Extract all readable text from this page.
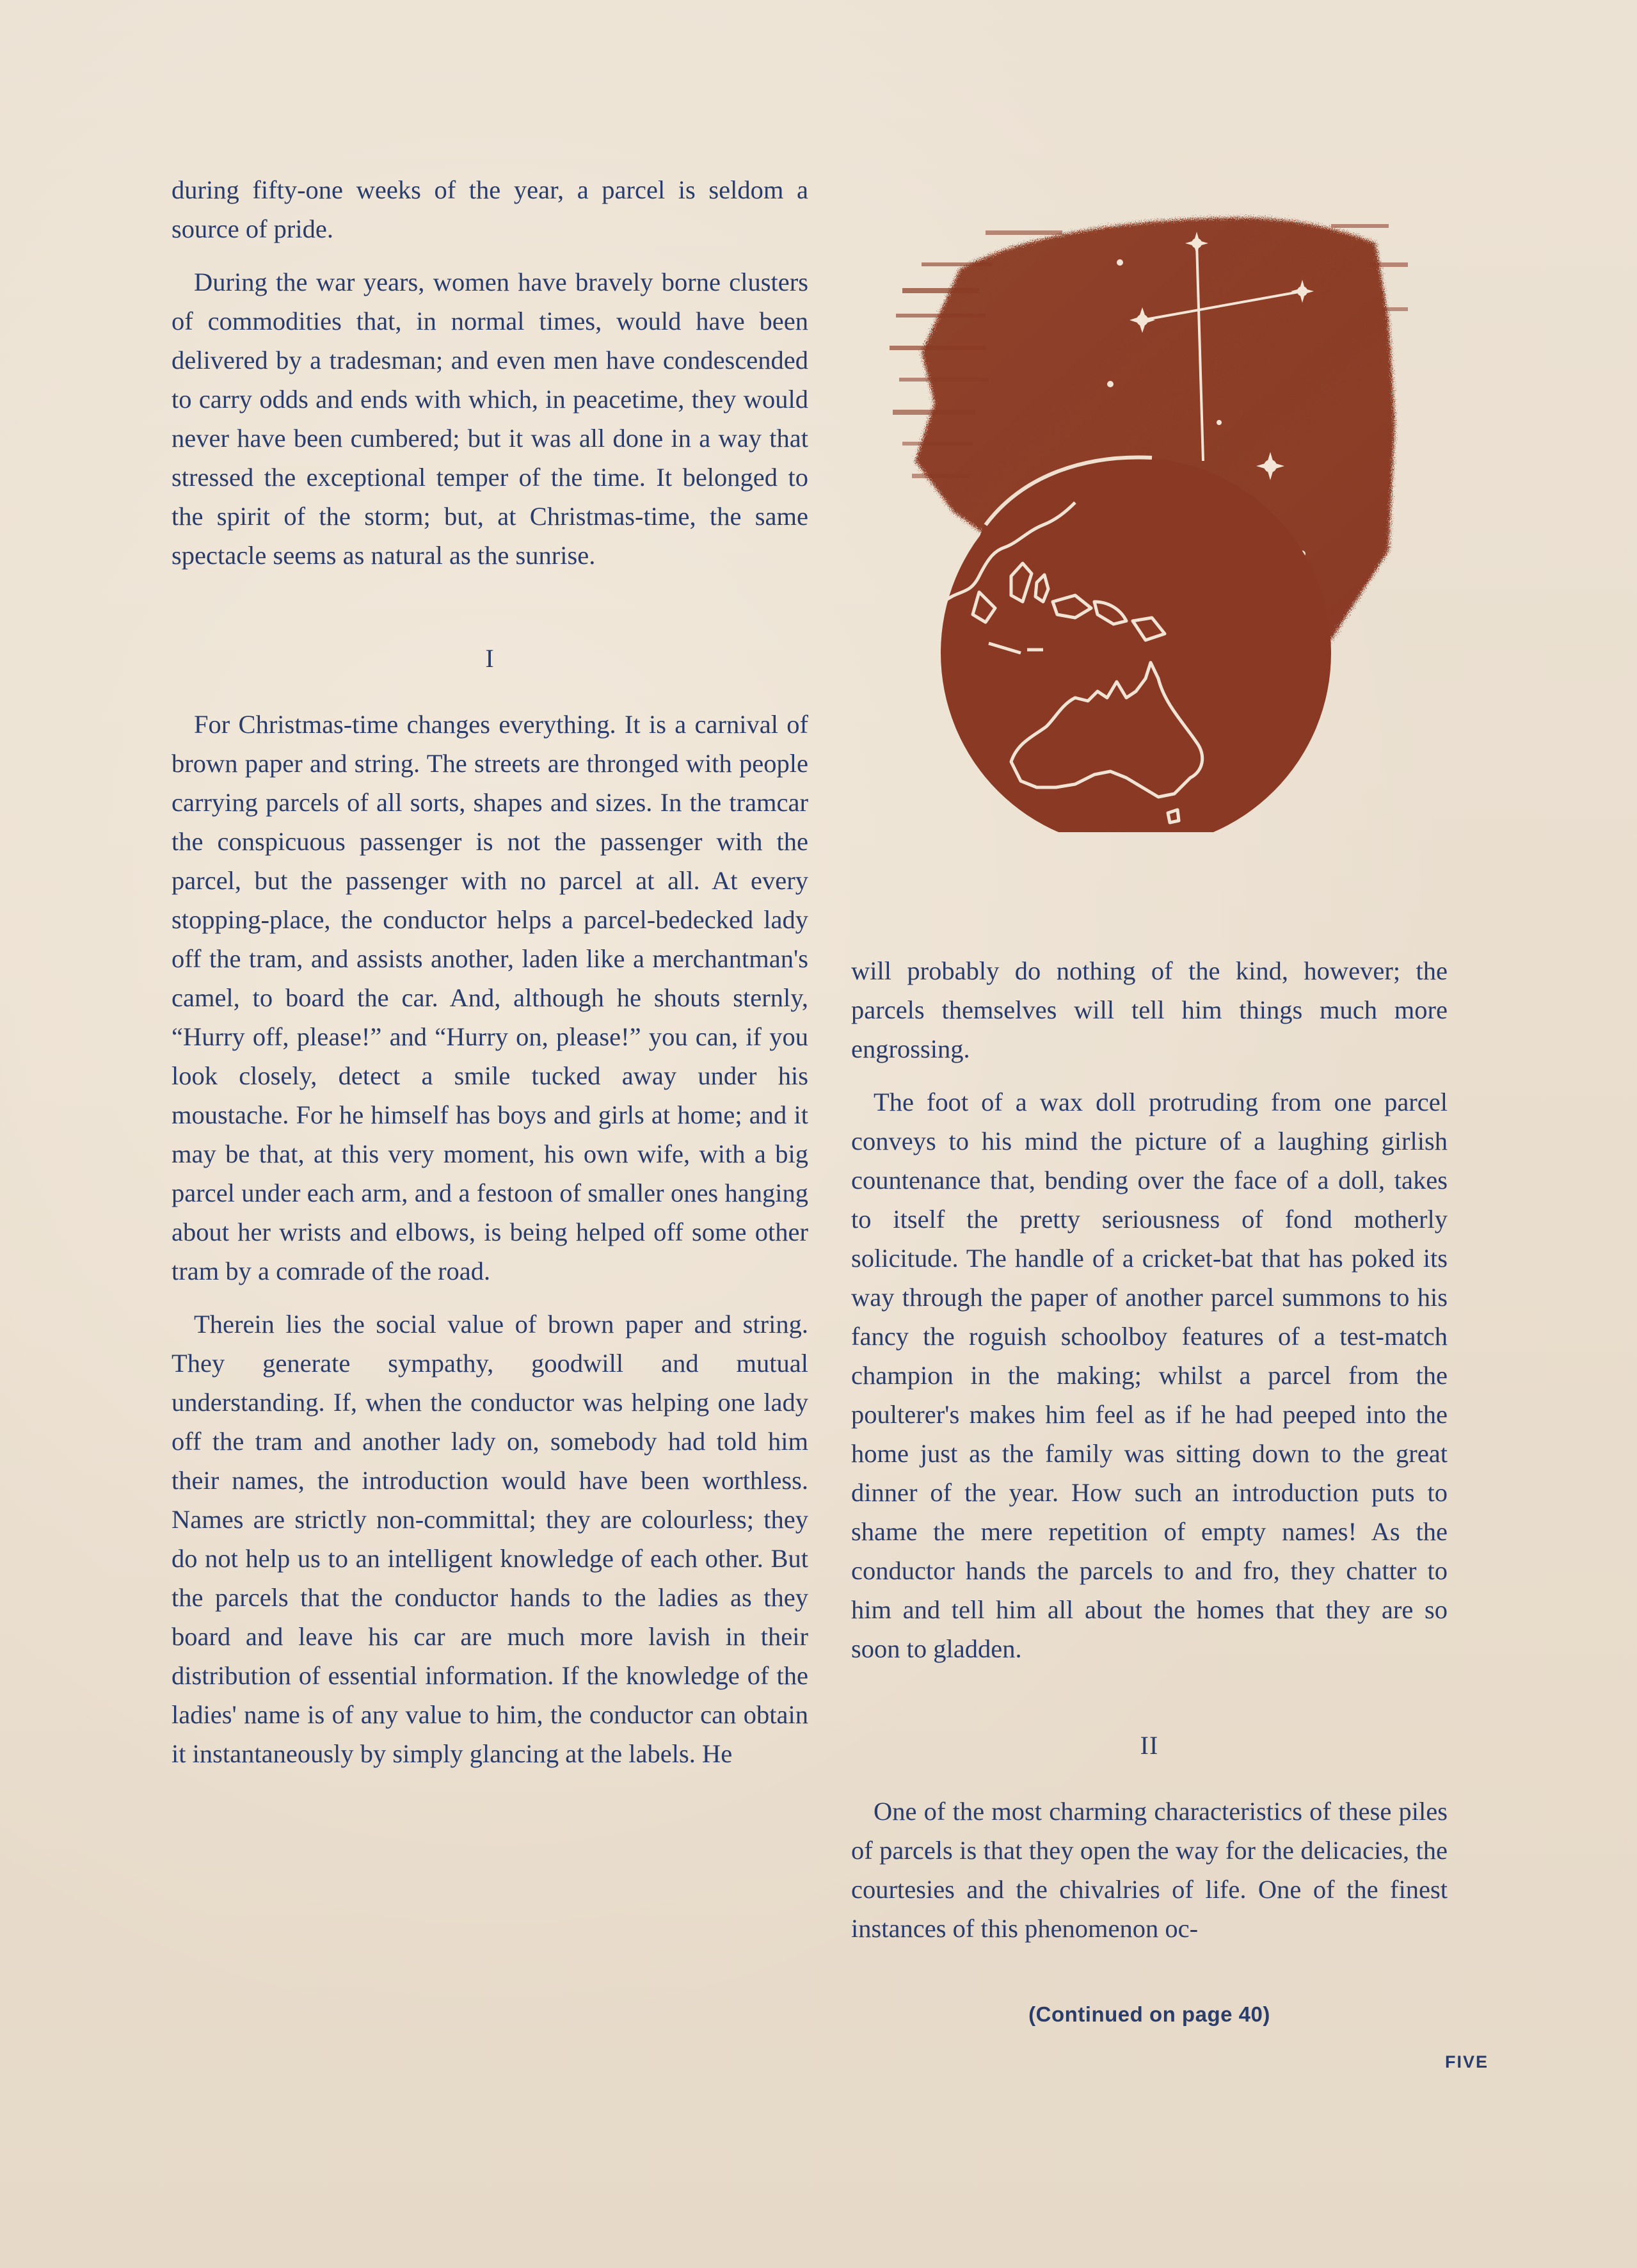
during fifty-one weeks of the year, a parcel is seldom a source of pride.

During the war years, women have bravely borne clusters of commodities that, in normal times, would have been delivered by a tradesman; and even men have condescended to carry odds and ends with which, in peacetime, they would never have been cumbered; but it was all done in a way that stressed the exceptional temper of the time. It belonged to the spirit of the storm; but, at Christmas-time, the same spectacle seems as natural as the sunrise.

I

For Christmas-time changes everything. It is a carnival of brown paper and string. The streets are thronged with people carrying parcels of all sorts, shapes and sizes. In the tramcar the conspicuous passenger is not the passenger with the parcel, but the passenger with no parcel at all. At every stopping-place, the conductor helps a parcel-bedecked lady off the tram, and assists another, laden like a merchantman's camel, to board the car. And, although he shouts sternly, “Hurry off, please!” and “Hurry on, please!” you can, if you look closely, detect a smile tucked away under his moustache. For he himself has boys and girls at home; and it may be that, at this very moment, his own wife, with a big parcel under each arm, and a festoon of smaller ones hanging about her wrists and elbows, is being helped off some other tram by a comrade of the road.

Therein lies the social value of brown paper and string. They generate sympathy, goodwill and mutual understanding. If, when the conductor was helping one lady off the tram and another lady on, somebody had told him their names, the introduction would have been worthless. Names are strictly non-committal; they are colourless; they do not help us to an intelligent knowledge of each other. But the parcels that the conductor hands to the ladies as they board and leave his car are much more lavish in their distribution of essential information. If the knowledge of the ladies' name is of any value to him, the conductor can obtain it instantaneously by simply glancing at the labels. He

will probably do nothing of the kind, however; the parcels themselves will tell him things much more engrossing.

The foot of a wax doll protruding from one parcel conveys to his mind the picture of a laughing girlish countenance that, bending over the face of a doll, takes to itself the pretty seriousness of fond motherly solicitude. The handle of a cricket-bat that has poked its way through the paper of another parcel summons to his fancy the roguish schoolboy features of a test-match champion in the making; whilst a parcel from the poulterer's makes him feel as if he had peeped into the home just as the family was sitting down to the great dinner of the year. How such an introduction puts to shame the mere repetition of empty names! As the conductor hands the parcels to and fro, they chatter to him and tell him all about the homes that they are so soon to gladden.

II

One of the most charming characteristics of these piles of parcels is that they open the way for the delicacies, the courtesies and the chivalries of life. One of the finest instances of this phenomenon oc-

(Continued on page 40)
FIVE
